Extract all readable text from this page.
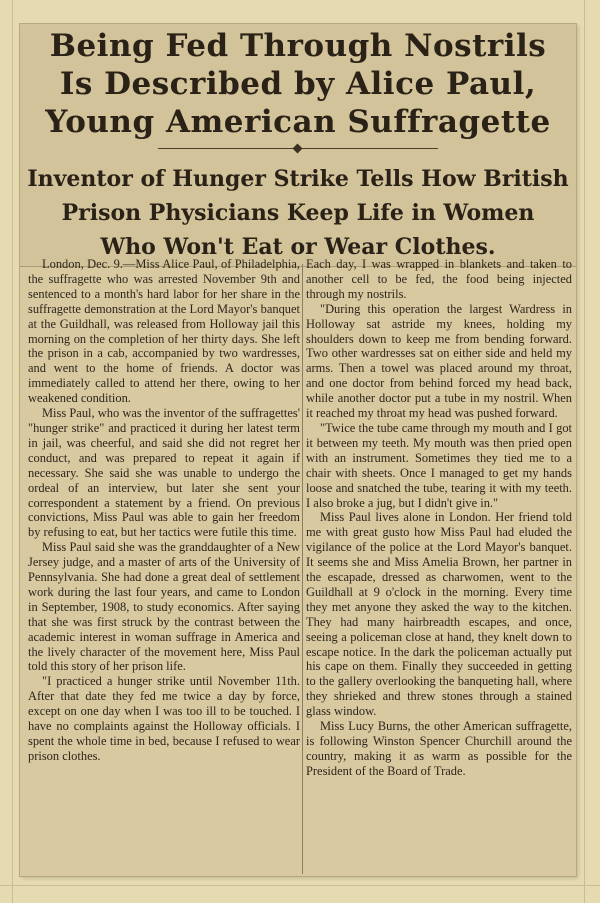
Being Fed Through Nostrils
Is Described by Alice Paul,
Young American Suffragette
Inventor of Hunger Strike Tells How British
Prison Physicians Keep Life in Women
Who Won't Eat or Wear Clothes.

London, Dec. 9.—Miss Alice Paul, of Philadelphia, the suffragette who was arrested November 9th and sentenced to a month's hard labor for her share in the suffragette demonstration at the Lord Mayor's banquet at the Guildhall, was released from Holloway jail this morning on the completion of her thirty days. She left the prison in a cab, accompanied by two wardresses, and went to the home of friends. A doctor was immediately called to attend her there, owing to her weakened condition.

Miss Paul, who was the inventor of the suffragettes' "hunger strike" and practiced it during her latest term in jail, was cheerful, and said she did not regret her conduct, and was prepared to repeat it again if necessary. She said she was unable to undergo the ordeal of an interview, but later she sent your correspondent a statement by a friend. On previous convictions, Miss Paul was able to gain her freedom by refusing to eat, but her tactics were futile this time.

Miss Paul said she was the granddaughter of a New Jersey judge, and a master of arts of the University of Pennsylvania. She had done a great deal of settlement work during the last four years, and came to London in September, 1908, to study economics. After saying that she was first struck by the contrast between the academic interest in woman suffrage in America and the lively character of the movement here, Miss Paul told this story of her prison life.

"I practiced a hunger strike until November 11th. After that date they fed me twice a day by force, except on one day when I was too ill to be touched. I have no complaints against the Holloway officials. I spent the whole time in bed, because I refused to wear prison clothes.

Each day, I was wrapped in blankets and taken to another cell to be fed, the food being injected through my nostrils.

"During this operation the largest Wardress in Holloway sat astride my knees, holding my shoulders down to keep me from bending forward. Two other wardresses sat on either side and held my arms. Then a towel was placed around my throat, and one doctor from behind forced my head back, while another doctor put a tube in my nostril. When it reached my throat my head was pushed forward.

"Twice the tube came through my mouth and I got it between my teeth. My mouth was then pried open with an instrument. Sometimes they tied me to a chair with sheets. Once I managed to get my hands loose and snatched the tube, tearing it with my teeth. I also broke a jug, but I didn't give in."

Miss Paul lives alone in London. Her friend told me with great gusto how Miss Paul had eluded the vigilance of the police at the Lord Mayor's banquet. It seems she and Miss Amelia Brown, her partner in the escapade, dressed as charwomen, went to the Guildhall at 9 o'clock in the morning. Every time they met anyone they asked the way to the kitchen. They had many hairbreadth escapes, and once, seeing a policeman close at hand, they knelt down to escape notice. In the dark the policeman actually put his cape on them. Finally they succeeded in getting to the gallery overlooking the banqueting hall, where they shrieked and threw stones through a stained glass window.

Miss Lucy Burns, the other American suffragette, is following Winston Spencer Churchill around the country, making it as warm as possible for the President of the Board of Trade.
